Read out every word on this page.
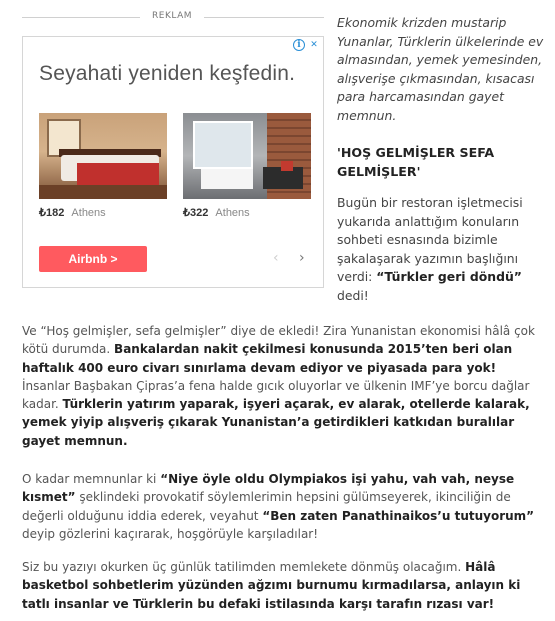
REKLAM
i	✕
Seyahati yeniden keşfedin.
₺182 Athens	₺322 Athens
Airbnb >	‹ ›
Ekonomik krizden mustarip Yunanlar, Türklerin ülkelerinde ev almasından, yemek yemesinden, alışverişe çıkmasından, kısacası para harcamasından gayet memnun.
'HOŞ GELMİŞLER SEFA GELMİŞLER'
Bugün bir restoran işletmecisi yukarıda anlattığım konuların sohbeti esnasında bizimle şakalaşarak yazımın başlığını verdi: “Türkler geri döndü” dedi!
Ve “Hoş gelmişler, sefa gelmişler” diye de ekledi! Zira Yunanistan ekonomisi hâlâ çok kötü durumda. Bankalardan nakit çekilmesi konusunda 2015’ten beri olan haftalık 400 euro civarı sınırlama devam ediyor ve piyasada para yok! İnsanlar Başbakan Çipras’a fena halde gıcık oluyorlar ve ülkenin IMF’ye borcu dağlar kadar. Türklerin yatırım yaparak, işyeri açarak, ev alarak, otellerde kalarak, yemek yiyip alışveriş çıkarak Yunanistan’a getirdikleri katkıdan buralılar gayet memnun.
O kadar memnunlar ki “Niye öyle oldu Olympiakos işi yahu, vah vah, neyse kısmet” şeklindeki provokatif söylemlerimin hepsini gülümseyerek, ikinciliğin de değerli olduğunu iddia ederek, veyahut “Ben zaten Panathinaikos’u tutuyorum” deyip gözlerini kaçırarak, hoşgörüyle karşıladılar!
Siz bu yazıyı okurken üç günlük tatilimden memlekete dönmüş olacağım. Hâlâ basketbol sohbetlerim yüzünden ağzımı burnumu kırmadılarsa, anlayın ki tatlı insanlar ve Türklerin bu defaki istilasında karşı tarafın rızası var!
